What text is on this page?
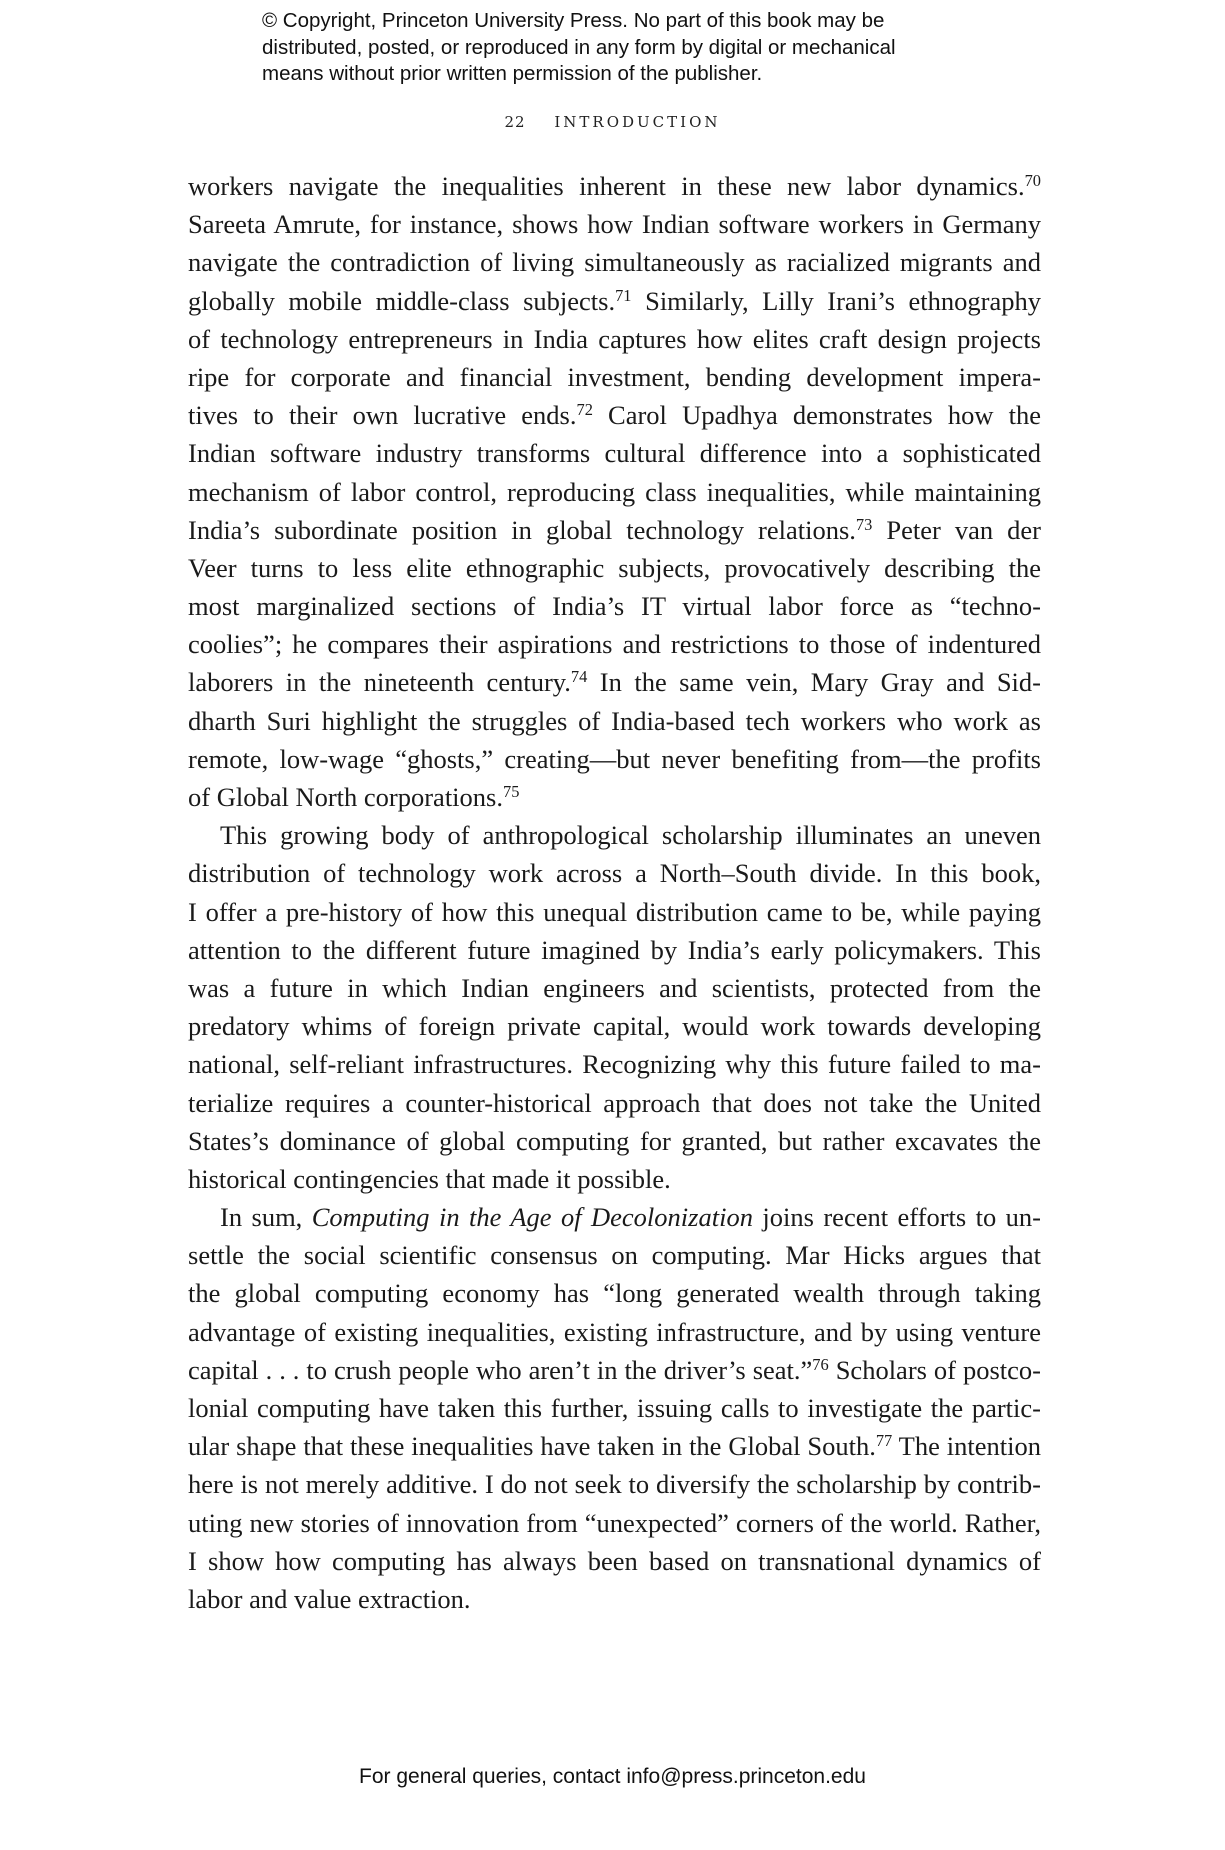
© Copyright, Princeton University Press. No part of this book may be
distributed, posted, or reproduced in any form by digital or mechanical
means without prior written permission of the publisher.
22 INTRODUCTION
workers navigate the inequalities inherent in these new labor dynamics.$^{70}$
Sareeta Amrute, for instance, shows how Indian software workers in Germany
navigate the contradiction of living simultaneously as racialized migrants and
globally mobile middle-class subjects.$^{71}$ Similarly, Lilly Irani’s ethnography
of technology entrepreneurs in India captures how elites craft design projects
ripe for corporate and financial investment, bending development impera-
tives to their own lucrative ends.$^{72}$ Carol Upadhya demonstrates how the
Indian software industry transforms cultural difference into a sophisticated
mechanism of labor control, reproducing class inequalities, while maintaining
India’s subordinate position in global technology relations.$^{73}$ Peter van der
Veer turns to less elite ethnographic subjects, provocatively describing the
most marginalized sections of India’s IT virtual labor force as “techno-
coolies”; he compares their aspirations and restrictions to those of indentured
laborers in the nineteenth century.$^{74}$ In the same vein, Mary Gray and Sid-
dharth Suri highlight the struggles of India-based tech workers who work as
remote, low-wage “ghosts,” creating—but never benefiting from—the profits
of Global North corporations.$^{75}$
This growing body of anthropological scholarship illuminates an uneven
distribution of technology work across a North–South divide. In this book,
I offer a pre-history of how this unequal distribution came to be, while paying
attention to the different future imagined by India’s early policymakers. This
was a future in which Indian engineers and scientists, protected from the
predatory whims of foreign private capital, would work towards developing
national, self-reliant infrastructures. Recognizing why this future failed to ma-
terialize requires a counter-historical approach that does not take the United
States’s dominance of global computing for granted, but rather excavates the
historical contingencies that made it possible.
In sum, Computing in the Age of Decolonization joins recent efforts to un-
settle the social scientific consensus on computing. Mar Hicks argues that
the global computing economy has “long generated wealth through taking
advantage of existing inequalities, existing infrastructure, and by using venture
capital . . . to crush people who aren’t in the driver’s seat.”$^{76}$ Scholars of postco-
lonial computing have taken this further, issuing calls to investigate the partic-
ular shape that these inequalities have taken in the Global South.$^{77}$ The intention
here is not merely additive. I do not seek to diversify the scholarship by contrib-
uting new stories of innovation from “unexpected” corners of the world. Rather,
I show how computing has always been based on transnational dynamics of
labor and value extraction.
For general queries, contact info@press.princeton.edu
